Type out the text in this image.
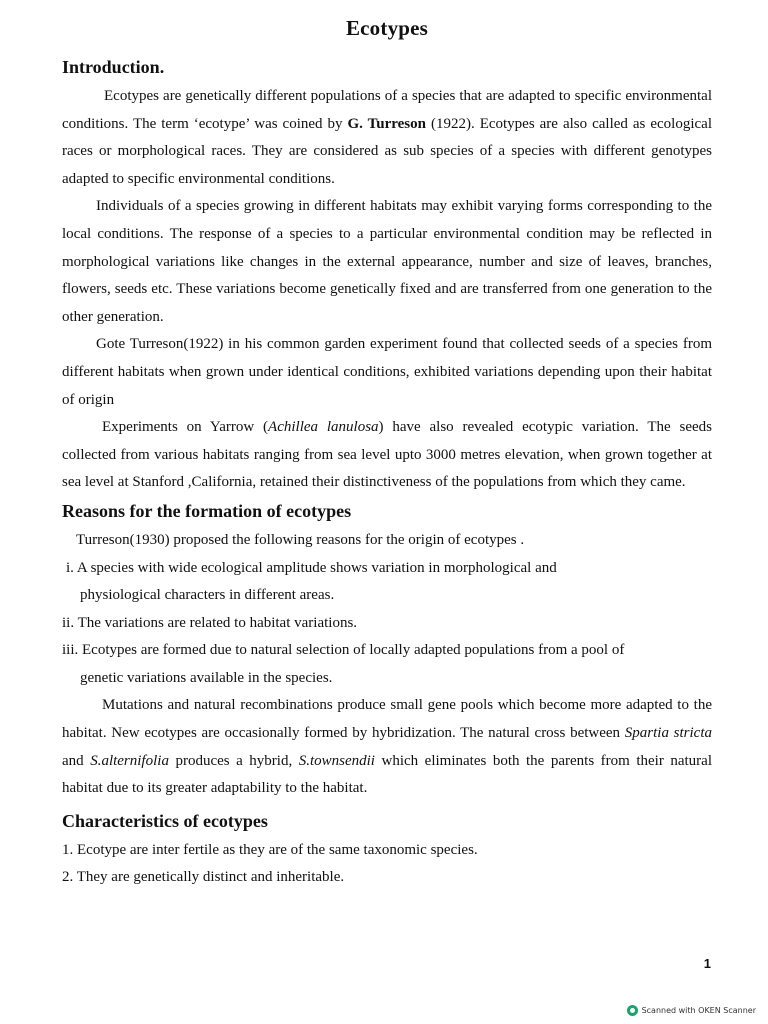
Ecotypes
Introduction.

Ecotypes are genetically different populations of a species that are adapted to specific environmental conditions. The term ‘ecotype’ was coined by G. Turreson (1922). Ecotypes are also called as ecological races or morphological races. They are considered as sub species of a species with different genotypes adapted to specific environmental conditions.

Individuals of a species growing in different habitats may exhibit varying forms corresponding to the local conditions. The response of a species to a particular environmental condition may be reflected in morphological variations like changes in the external appearance, number and size of leaves, branches, flowers, seeds etc. These variations become genetically fixed and are transferred from one generation to the other generation.

Gote Turreson(1922) in his common garden experiment found that collected seeds of a species from different habitats when grown under identical conditions, exhibited variations depending upon their habitat of origin

Experiments on Yarrow (Achillea lanulosa) have also revealed ecotypic variation. The seeds collected from various habitats ranging from sea level upto 3000 metres elevation, when grown together at sea level at Stanford ,California, retained their distinctiveness of the populations from which they came.

Reasons for the formation of ecotypes
Turreson(1930) proposed the following reasons for the origin of ecotypes .
i. A species with wide ecological amplitude shows variation in morphological and
physiological characters in different areas.
ii. The variations are related to habitat variations.
iii. Ecotypes are formed due to natural selection of locally adapted populations from a pool of
genetic variations available in the species.

Mutations and natural recombinations produce small gene pools which become more adapted to the habitat. New ecotypes are occasionally formed by hybridization. The natural cross between Spartia stricta and S.alternifolia produces a hybrid, S.townsendii which eliminates both the parents from their natural habitat due to its greater adaptability to the habitat.

Characteristics of ecotypes
1. Ecotype are inter fertile as they are of the same taxonomic species.
2. They are genetically distinct and inheritable.
1
Scanned with OKEN Scanner
